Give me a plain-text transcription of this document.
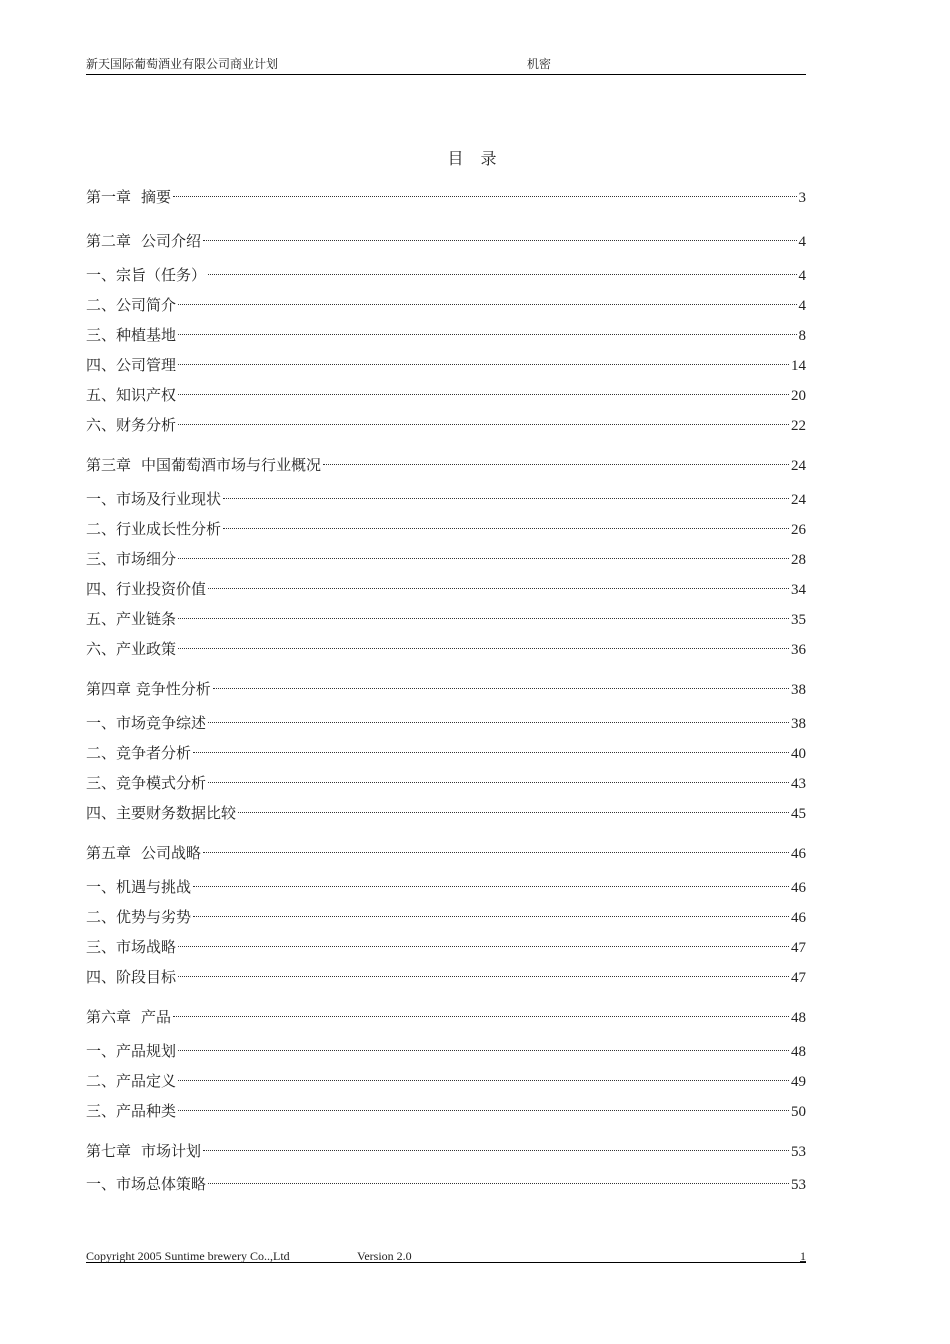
新天国际葡萄酒业有限公司商业计划	机密
目 录
第一章 摘要	3
第二章 公司介绍	4
一、宗旨（任务）	4
二、公司简介	4
三、种植基地	8
四、公司管理	14
五、知识产权	20
六、财务分析	22
第三章 中国葡萄酒市场与行业概况	24
一、市场及行业现状	24
二、行业成长性分析	26
三、市场细分	28
四、行业投资价值	34
五、产业链条	35
六、产业政策	36
第四章 竞争性分析	38
一、市场竞争综述	38
二、竞争者分析	40
三、竞争模式分析	43
四、主要财务数据比较	45
第五章 公司战略	46
一、机遇与挑战	46
二、优势与劣势	46
三、市场战略	47
四、阶段目标	47
第六章 产品	48
一、产品规划	48
二、产品定义	49
三、产品种类	50
第七章 市场计划	53
一、市场总体策略	53
Copyright 2005 Suntime brewery Co..,Ltd	Version 2.0	1
